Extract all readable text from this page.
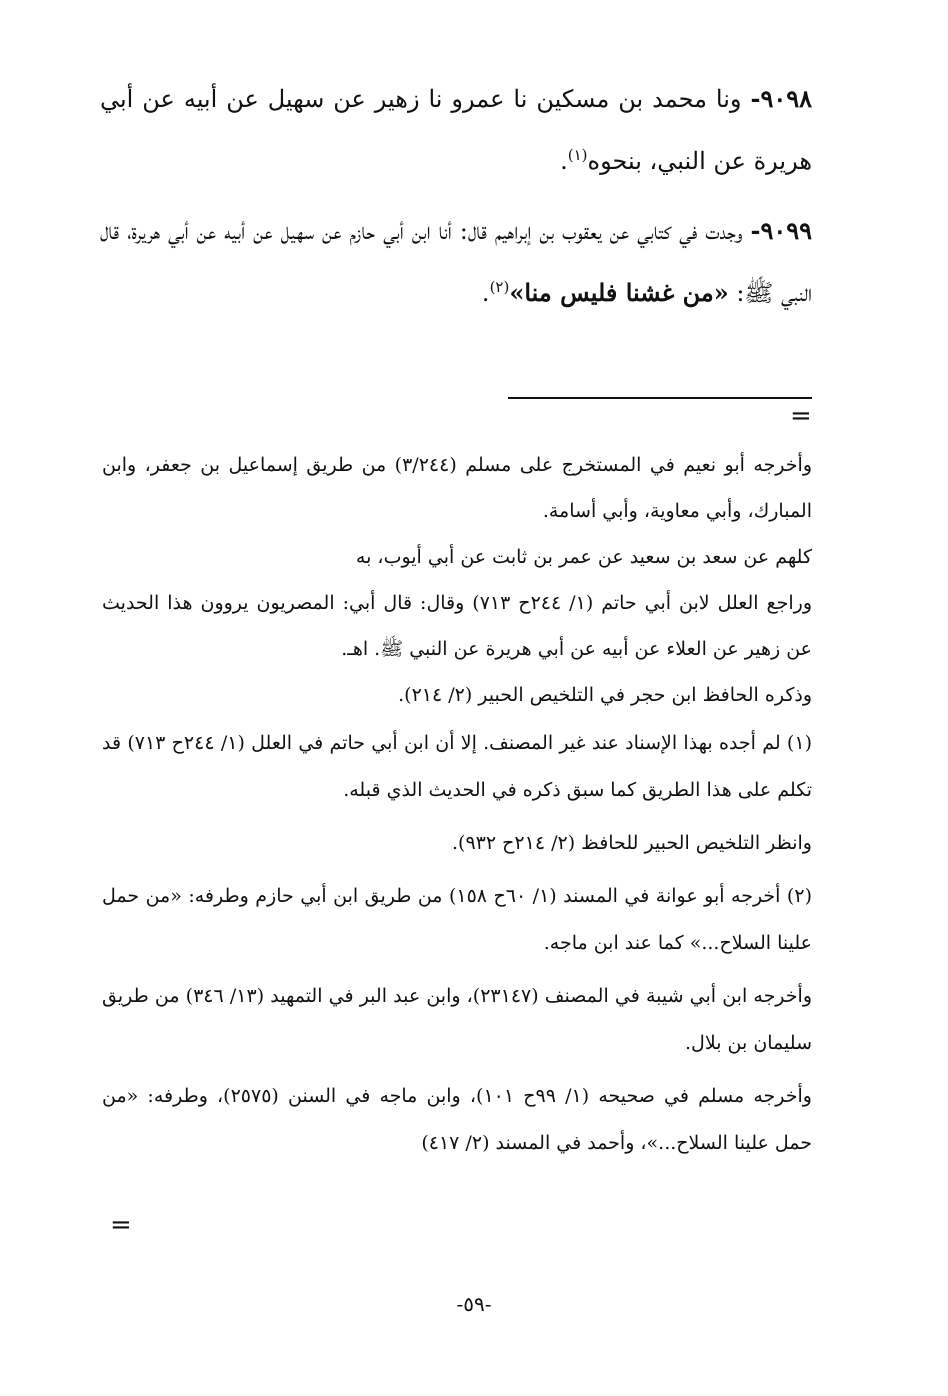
٩٠٩٨- ونا محمد بن مسكين نا عمرو نا زهير عن سهيل عن أبيه عن أبي هريرة عن النبي، بنحوه$^{(١)}$.
٩٠٩٩- وجدت في كتابي عن يعقوب بن إبراهيم قال: أنا ابن أبي حازم عن سهيل عن أبيه عن أبي هريرة، قال النبي ﷺ: «من غشنا فليس منا»$^{(٢)}$.
=

وأخرجه أبو نعيم في المستخرج على مسلم (٣/٢٤٤) من طريق إسماعيل بن جعفر، وابن المبارك، وأبي معاوية، وأبي أسامة.

كلهم عن سعد بن سعيد عن عمر بن ثابت عن أبي أيوب، به

وراجع العلل لابن أبي حاتم (١/ ٢٤٤ح ٧١٣) وقال: قال أبي: المصريون يروون هذا الحديث عن زهير عن العلاء عن أبيه عن أبي هريرة عن النبي ﷺ. اهـ.

وذكره الحافظ ابن حجر في التلخيص الحبير (٢/ ٢١٤).

(١) لم أجده بهذا الإسناد عند غير المصنف. إلا أن ابن أبي حاتم في العلل (١/ ٢٤٤ح ٧١٣) قد تكلم على هذا الطريق كما سبق ذكره في الحديث الذي قبله.

وانظر التلخيص الحبير للحافظ (٢/ ٢١٤ح ٩٣٢).

(٢) أخرجه أبو عوانة في المسند (١/ ٦٠ح ١٥٨) من طريق ابن أبي حازم وطرفه: «من حمل علينا السلاح...» كما عند ابن ماجه.

وأخرجه ابن أبي شيبة في المصنف (٢٣١٤٧)، وابن عبد البر في التمهيد (١٣/ ٣٤٦) من طريق سليمان بن بلال.

وأخرجه مسلم في صحيحه (١/ ٩٩ح ١٠١)، وابن ماجه في السنن (٢٥٧٥)، وطرفه: «من حمل علينا السلاح...»، وأحمد في المسند (٢/ ٤١٧)

=
-٥٩-
